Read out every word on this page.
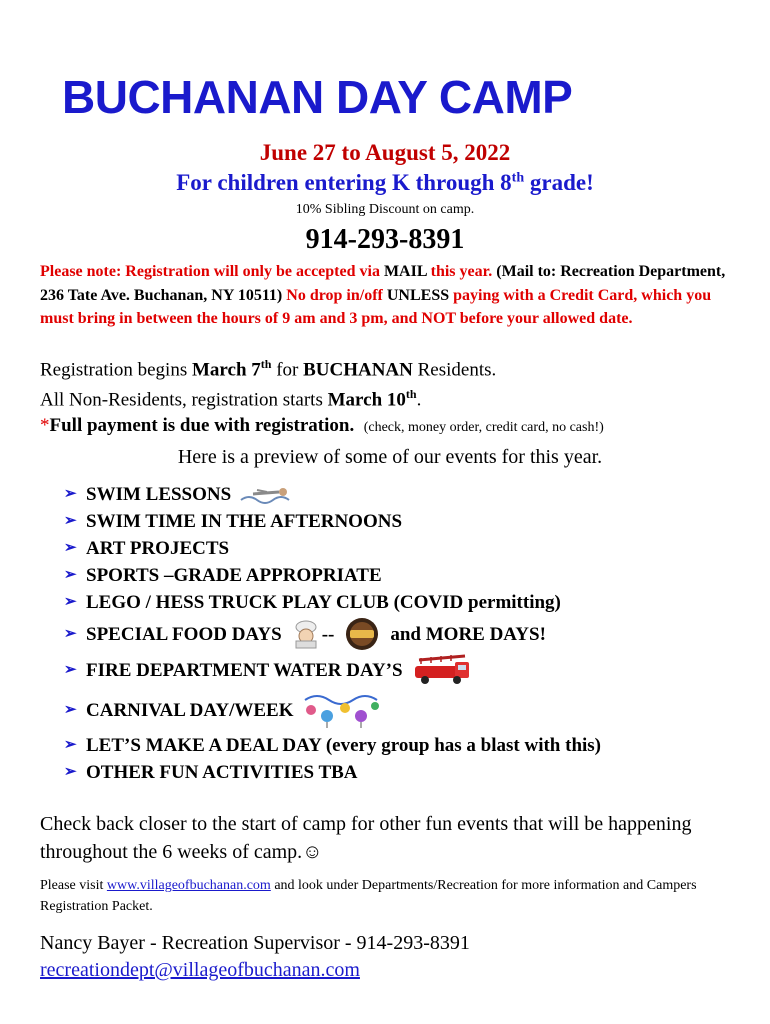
BUCHANAN DAY CAMP
June 27 to August 5, 2022
For children entering K through 8th grade!
10% Sibling Discount on camp.
914-293-8391
Please note: Registration will only be accepted via MAIL this year. (Mail to: Recreation Department, 236 Tate Ave. Buchanan, NY 10511) No drop in/off UNLESS paying with a Credit Card, which you must bring in between the hours of 9 am and 3 pm, and NOT before your allowed date.
Registration begins March 7th for BUCHANAN Residents.
All Non-Residents, registration starts March 10th.
*Full payment is due with registration. (check, money order, credit card, no cash!)
Here is a preview of some of our events for this year.
➢ SWIM LESSONS
➢ SWIM TIME IN THE AFTERNOONS
➢ ART PROJECTS
➢ SPORTS –GRADE APPROPRIATE
➢ LEGO / HESS TRUCK PLAY CLUB (COVID permitting)
➢ SPECIAL FOOD DAYS --	and MORE DAYS!
➢ FIRE DEPARTMENT WATER DAY’S
➢ CARNIVAL DAY/WEEK
➢ LET’S MAKE A DEAL DAY (every group has a blast with this)
➢ OTHER FUN ACTIVITIES TBA
Check back closer to the start of camp for other fun events that will be happening throughout the 6 weeks of camp.☺
Please visit www.villageofbuchanan.com and look under Departments/Recreation for more information and Campers Registration Packet.
Nancy Bayer - Recreation Supervisor - 914-293-8391
recreationdept@villageofbuchanan.com
